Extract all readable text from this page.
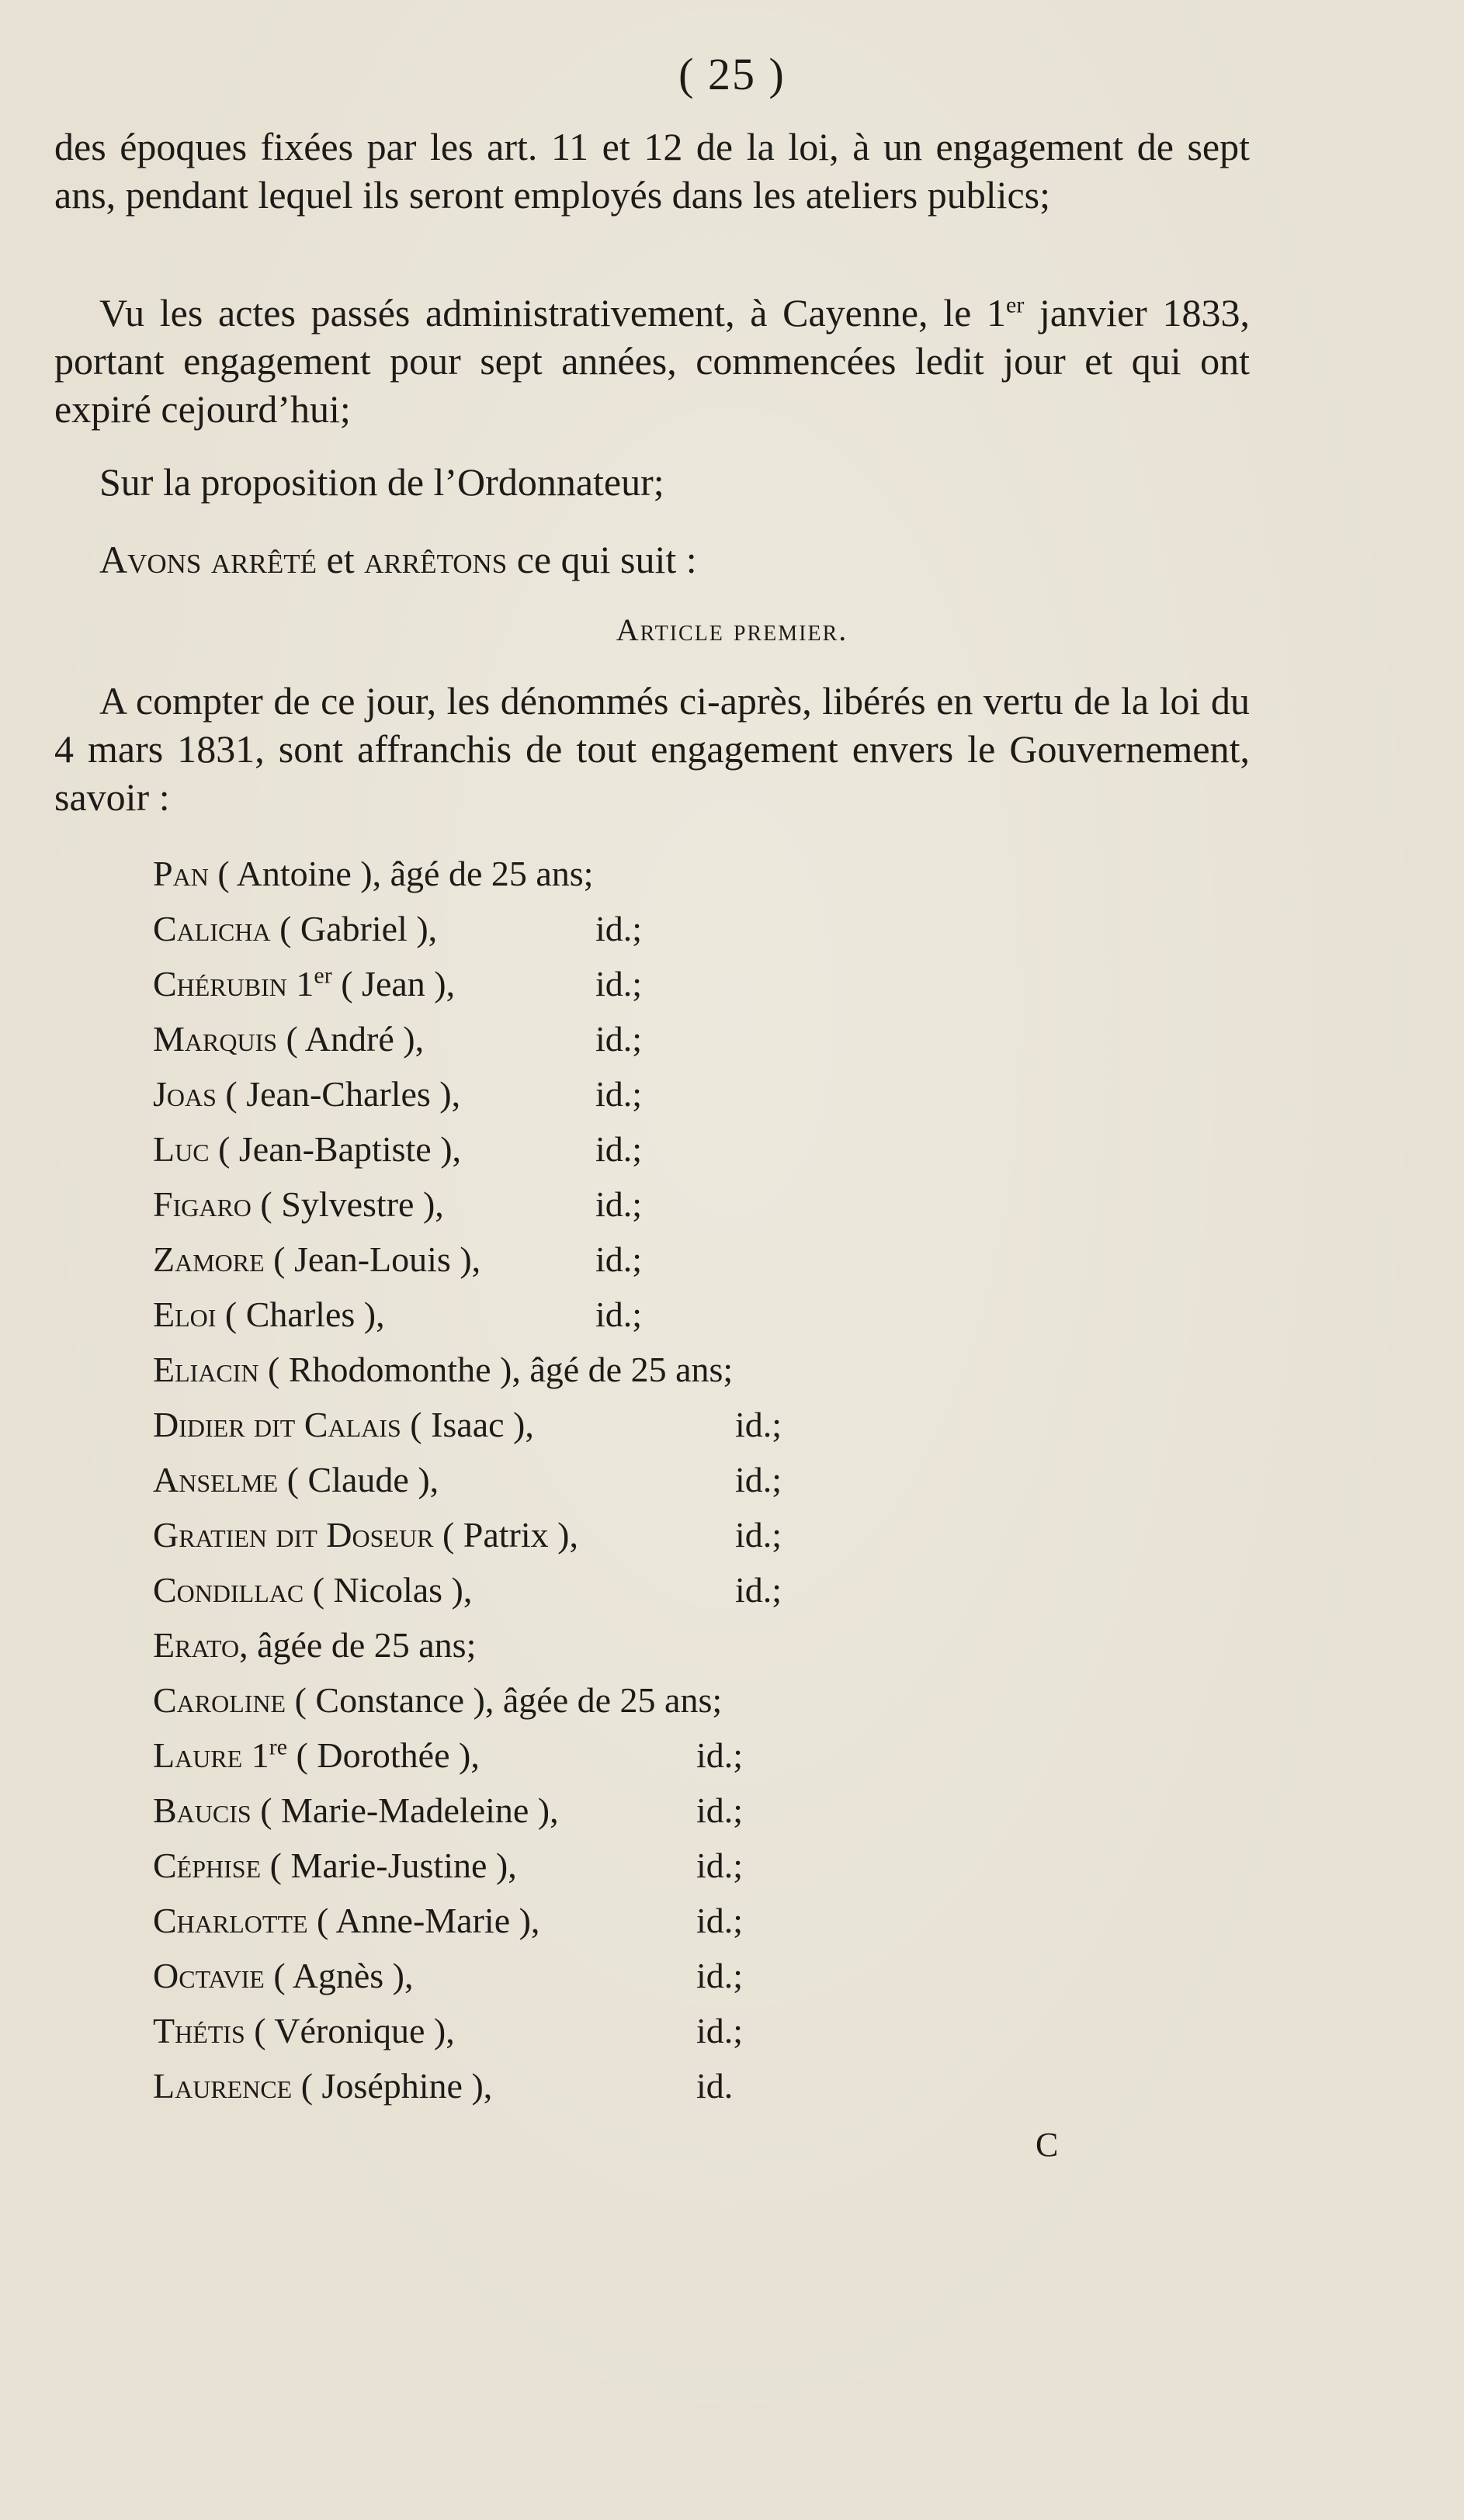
( 25 )
des époques fixées par les art. 11 et 12 de la loi, à un engagement de sept ans, pendant lequel ils seront employés dans les ateliers publics;
Vu les actes passés administrativement, à Cayenne, le 1er janvier 1833, portant engagement pour sept années, commencées ledit jour et qui ont expiré cejourd’hui;
Sur la proposition de l’Ordonnateur;
Avons arrêté et arrêtons ce qui suit :
Article premier.
A compter de ce jour, les dénommés ci-après, libérés en vertu de la loi du 4 mars 1831, sont affranchis de tout engagement envers le Gouvernement, savoir :
Pan ( Antoine ), âgé de 25 ans;
Calicha ( Gabriel ),	id.;
Chérubin 1er ( Jean ),	id.;
Marquis ( André ),	id.;
Joas ( Jean-Charles ),	id.;
Luc ( Jean-Baptiste ),	id.;
Figaro ( Sylvestre ),	id.;
Zamore ( Jean-Louis ),	id.;
Eloi ( Charles ),	id.;
Eliacin ( Rhodomonthe ), âgé de 25 ans;
Didier dit Calais ( Isaac ),	id.;
Anselme ( Claude ),	id.;
Gratien dit Doseur ( Patrix ),	id.;
Condillac ( Nicolas ),	id.;
Erato, âgée de 25 ans;
Caroline ( Constance ), âgée de 25 ans;
Laure 1re ( Dorothée ),	id.;
Baucis ( Marie-Madeleine ),	id.;
Céphise ( Marie-Justine ),	id.;
Charlotte ( Anne-Marie ),	id.;
Octavie ( Agnès ),	id.;
Thétis ( Véronique ),	id.;
Laurence ( Joséphine ),	id.
C
